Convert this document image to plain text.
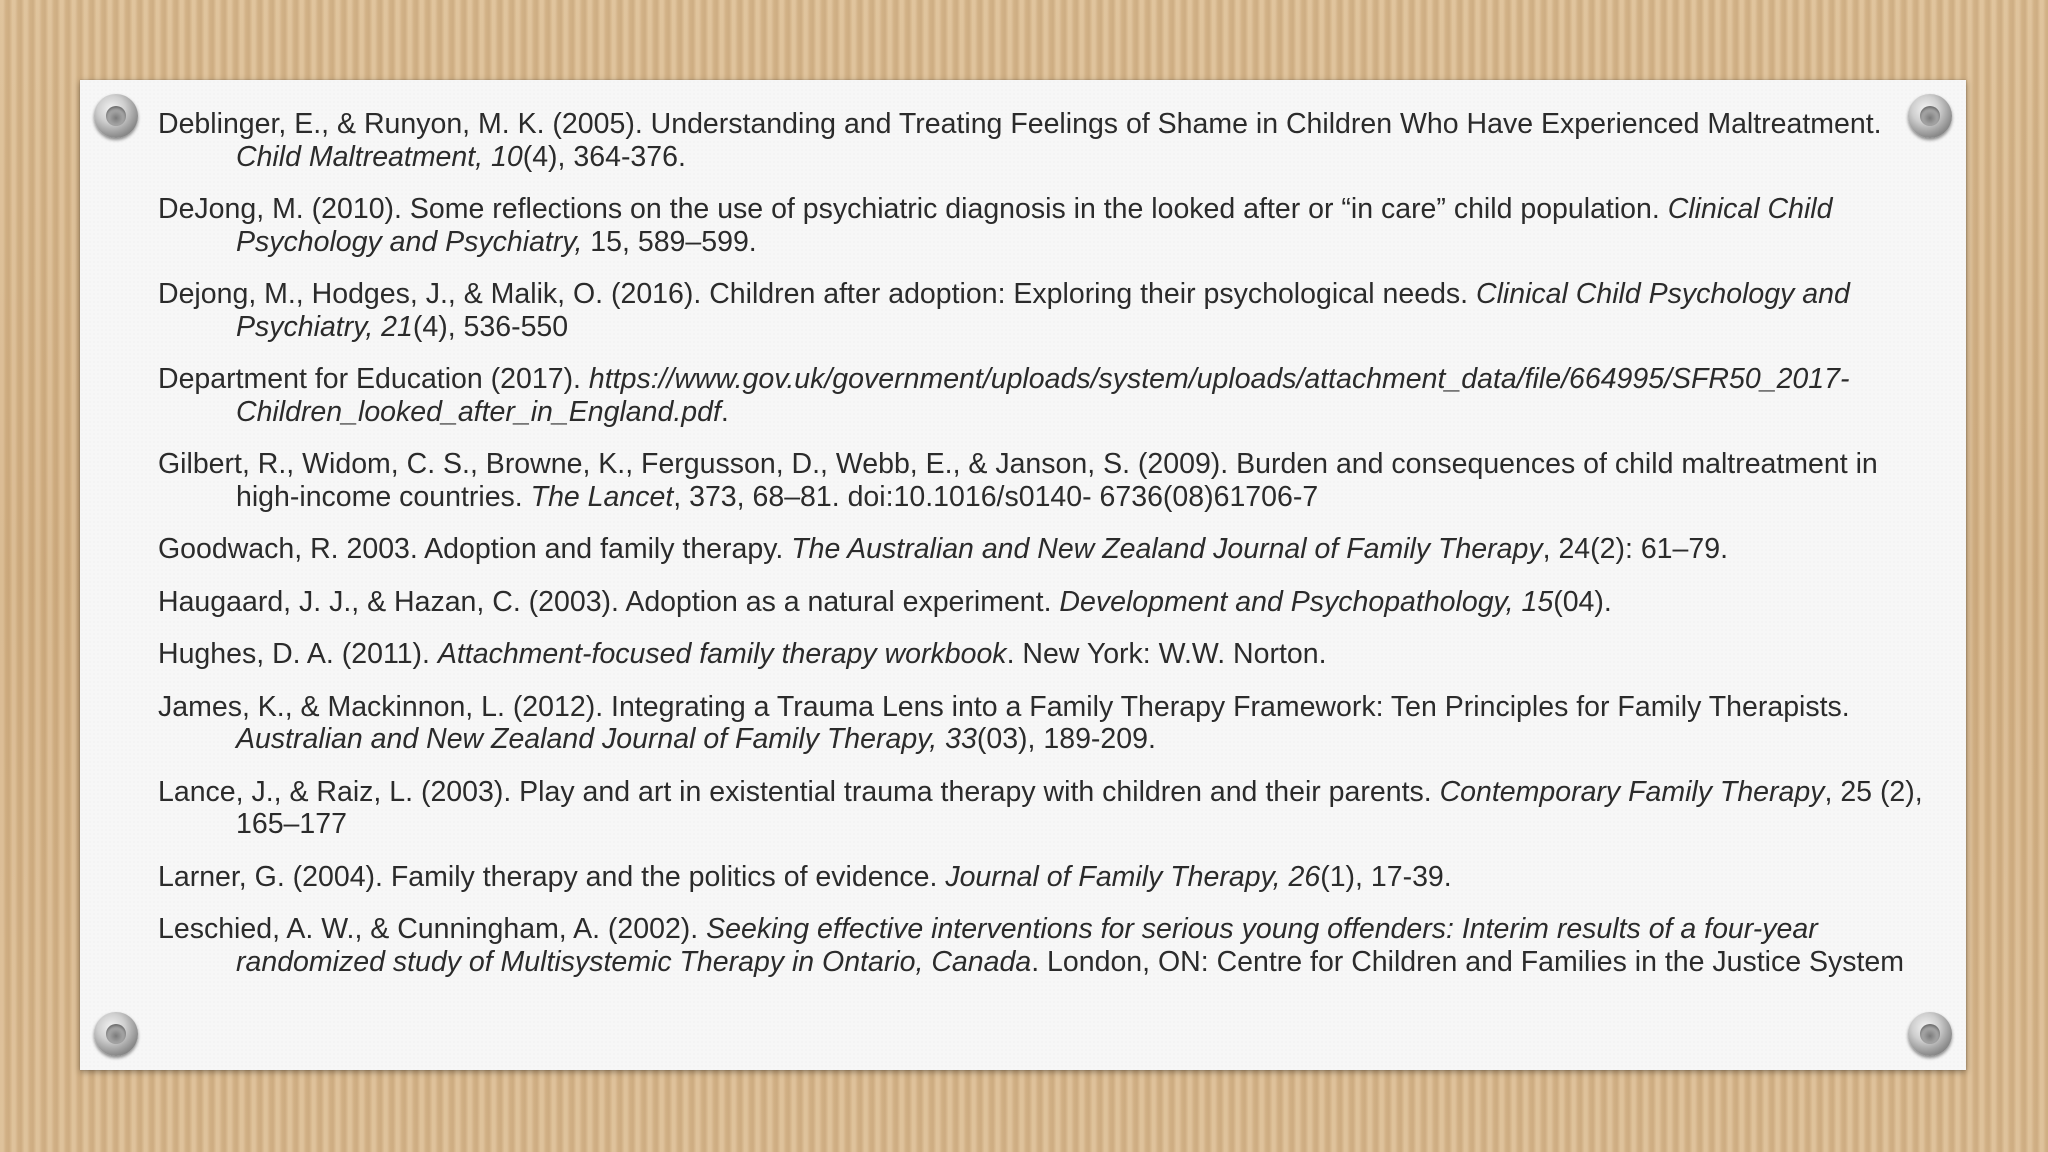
Deblinger, E., & Runyon, M. K. (2005). Understanding and Treating Feelings of Shame in Children Who Have Experienced Maltreatment. Child Maltreatment, 10(4), 364-376.
DeJong, M. (2010). Some reflections on the use of psychiatric diagnosis in the looked after or “in care” child population. Clinical Child Psychology and Psychiatry, 15, 589–599.
Dejong, M., Hodges, J., & Malik, O. (2016). Children after adoption: Exploring their psychological needs. Clinical Child Psychology and Psychiatry, 21(4), 536-550
Department for Education (2017). https://www.gov.uk/government/uploads/system/uploads/attachment_data/file/664995/SFR50_2017-Children_looked_after_in_England.pdf.
Gilbert, R., Widom, C. S., Browne, K., Fergusson, D., Webb, E., & Janson, S. (2009). Burden and consequences of child maltreatment in high-income countries. The Lancet, 373, 68–81. doi:10.1016/s0140- 6736(08)61706-7
Goodwach, R. 2003. Adoption and family therapy. The Australian and New Zealand Journal of Family Therapy, 24(2): 61–79.
Haugaard, J. J., & Hazan, C. (2003). Adoption as a natural experiment. Development and Psychopathology, 15(04).
Hughes, D. A. (2011). Attachment-focused family therapy workbook. New York: W.W. Norton.
James, K., & Mackinnon, L. (2012). Integrating a Trauma Lens into a Family Therapy Framework: Ten Principles for Family Therapists. Australian and New Zealand Journal of Family Therapy, 33(03), 189-209.
Lance, J., & Raiz, L. (2003). Play and art in existential trauma therapy with children and their parents. Contemporary Family Therapy, 25 (2), 165–177
Larner, G. (2004). Family therapy and the politics of evidence. Journal of Family Therapy, 26(1), 17-39.
Leschied, A. W., & Cunningham, A. (2002). Seeking effective interventions for serious young offenders: Interim results of a four-year randomized study of Multisystemic Therapy in Ontario, Canada. London, ON: Centre for Children and Families in the Justice System
